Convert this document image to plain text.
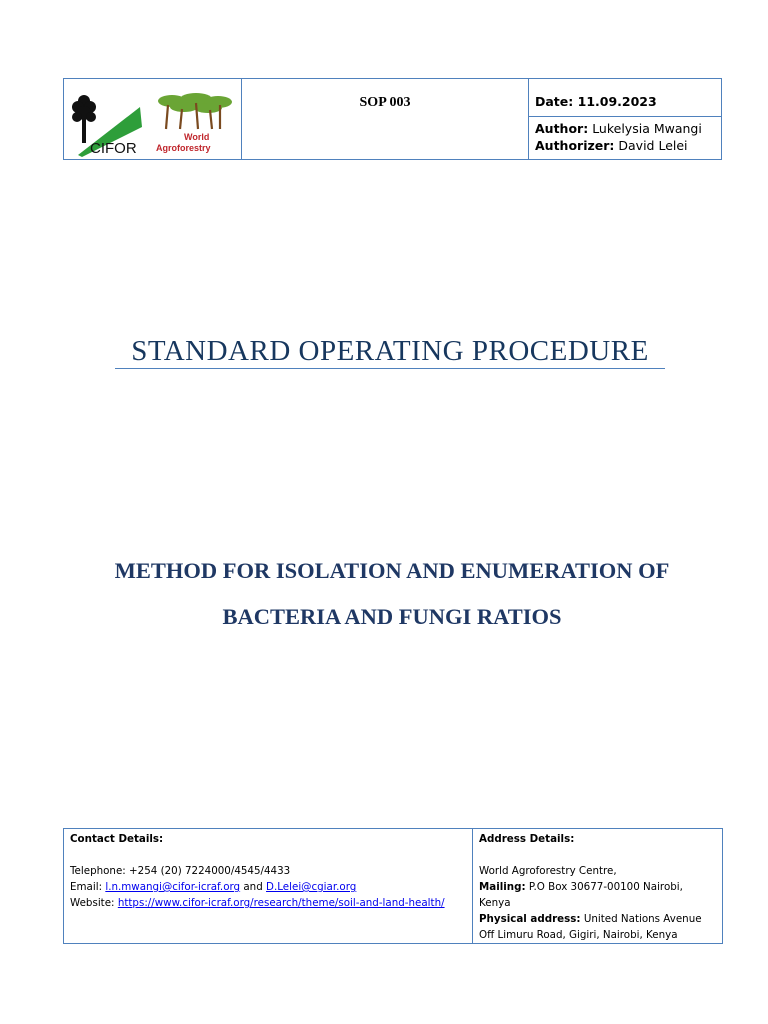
CIFOR
World
Agroforestry
	SOP 003	Date: 11.09.2023
Author: Lukelysia Mwangi
Authorizer: David Lelei
STANDARD OPERATING PROCEDURE
METHOD FOR ISOLATION AND ENUMERATION OF
BACTERIA AND FUNGI RATIOS
Contact Details:
Telephone: +254 (20) 7224000/4545/4433
Email: l.n.mwangi@cifor-icraf.org and D.Lelei@cgiar.org
Website: https://www.cifor-icraf.org/research/theme/soil-and-land-health/

Address Details:
World Agroforestry Centre,
Mailing: P.O Box 30677-00100 Nairobi, Kenya
Physical address: United Nations Avenue
Off Limuru Road, Gigiri, Nairobi, Kenya
